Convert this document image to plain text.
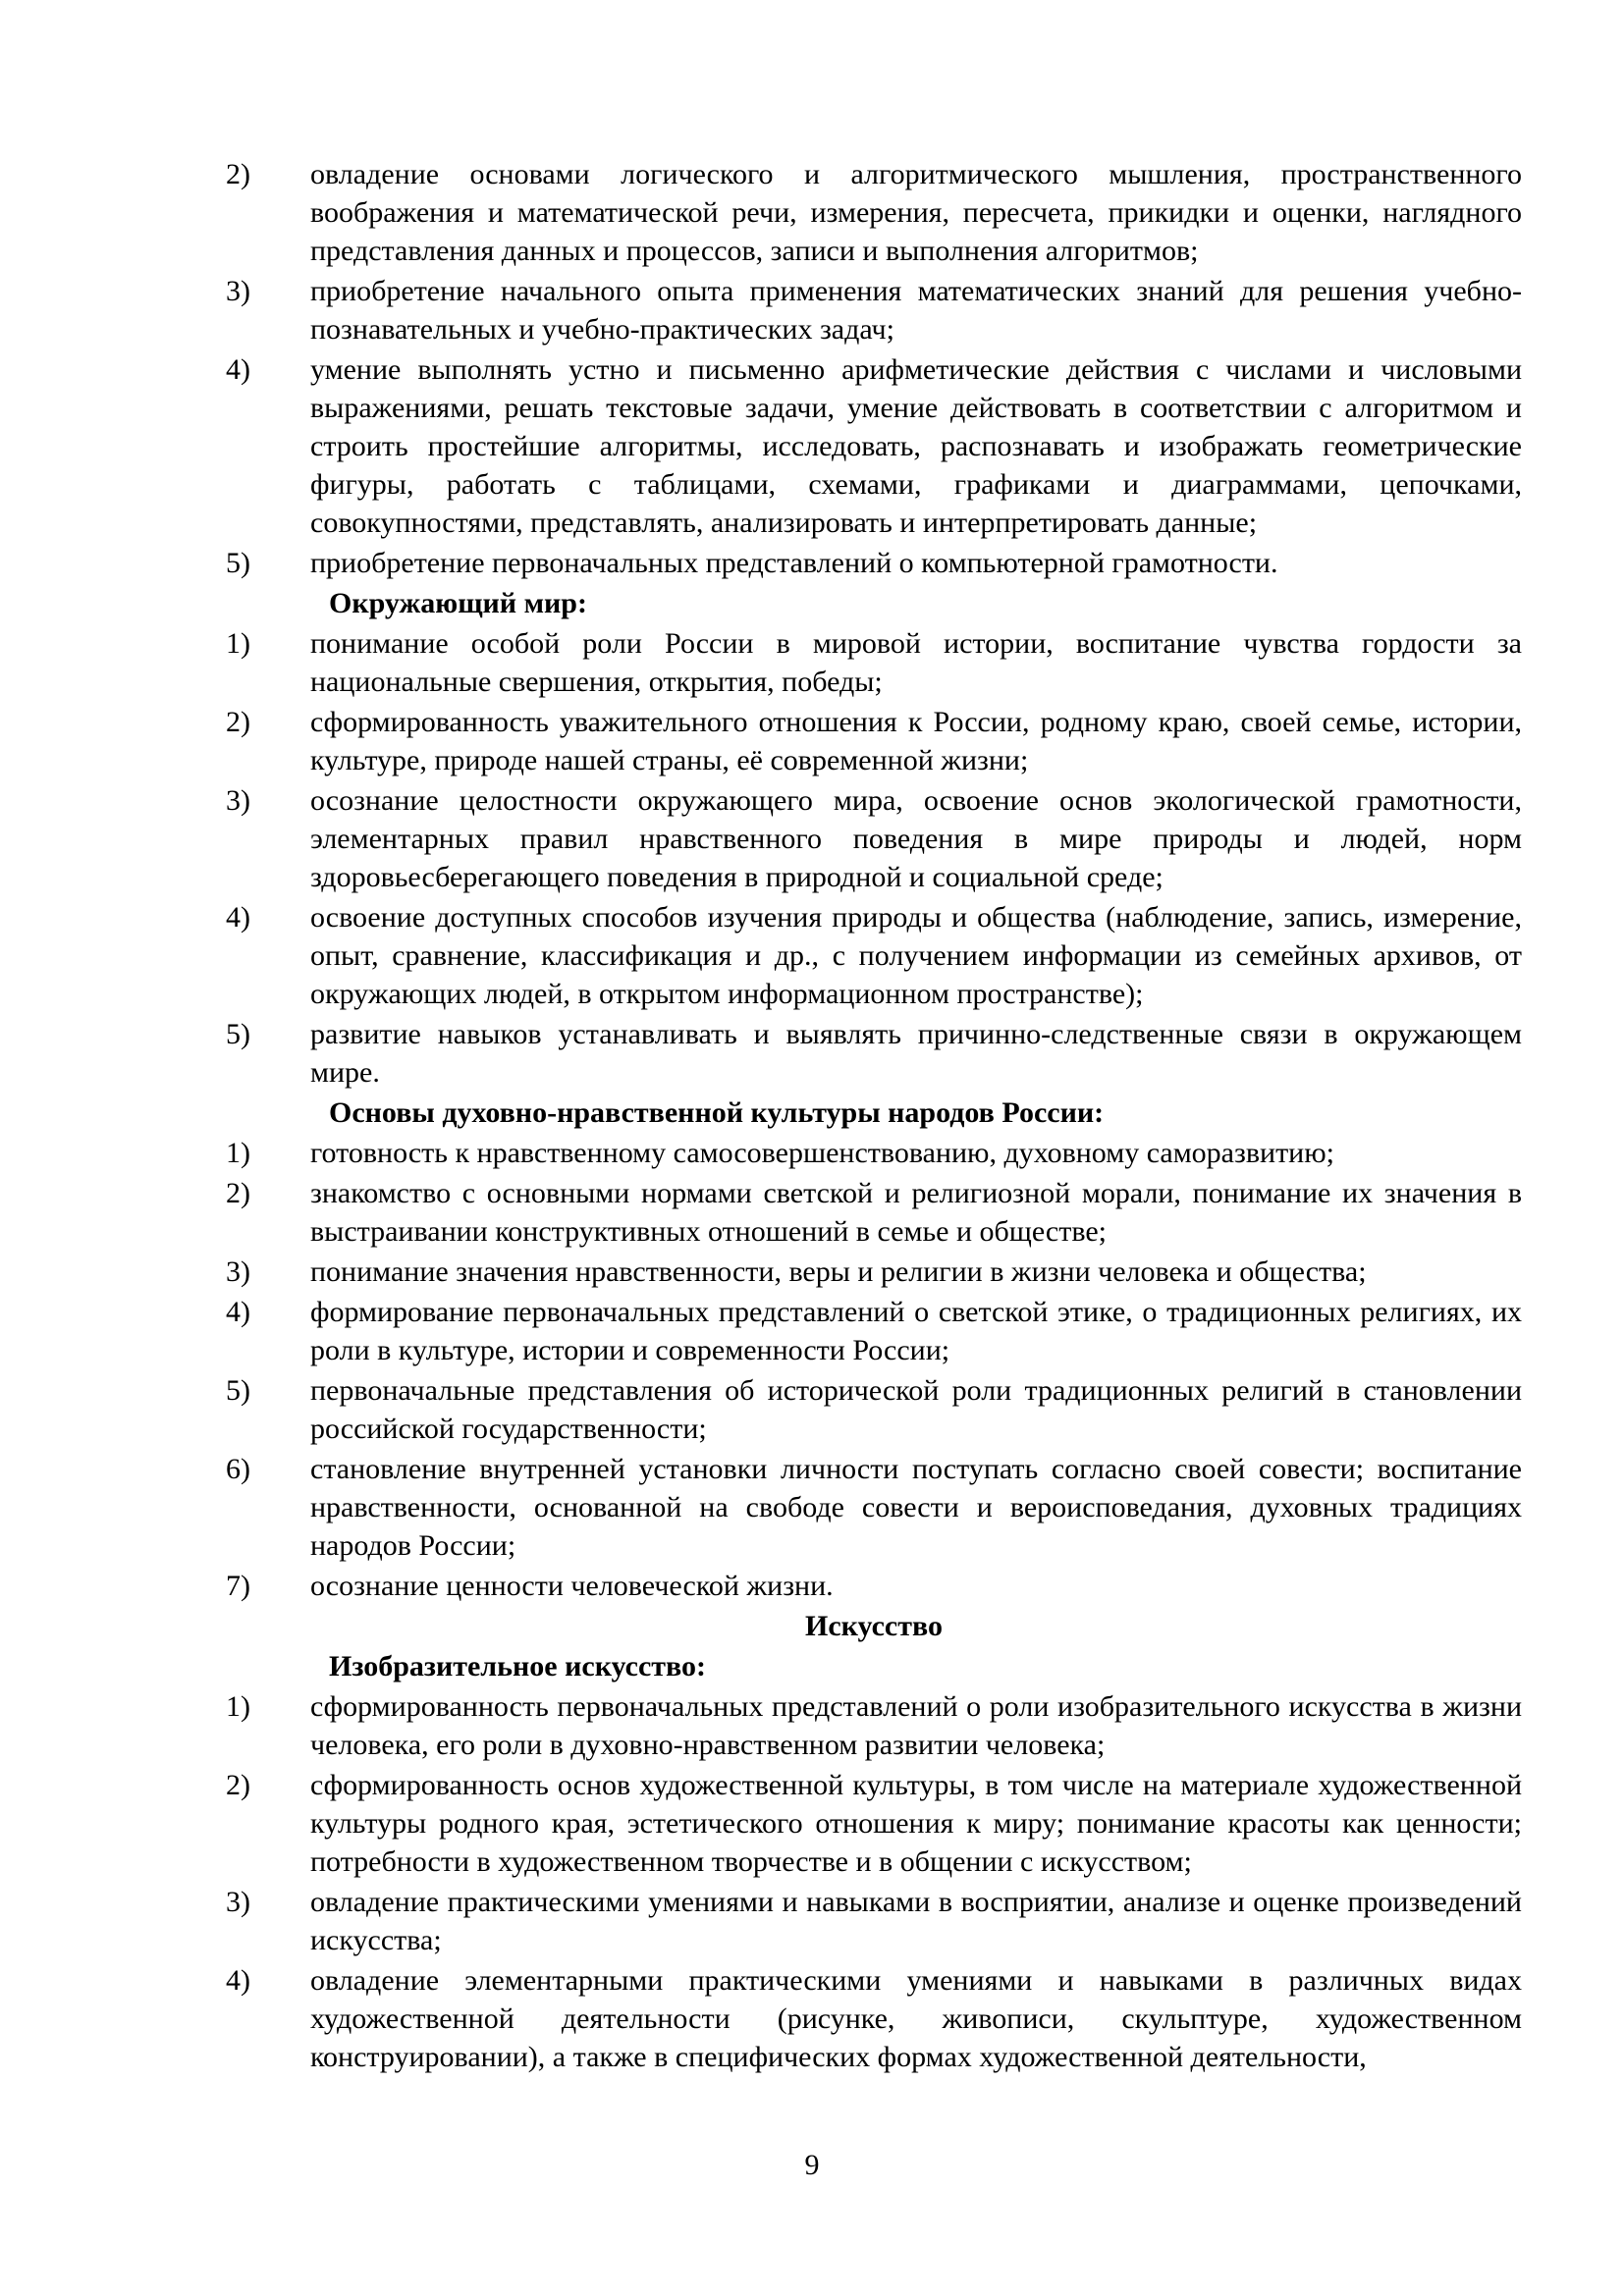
2) овладение основами логического и алгоритмического мышления, пространственного воображения и математической речи, измерения, пересчета, прикидки и оценки, наглядного представления данных и процессов, записи и выполнения алгоритмов;
3) приобретение начального опыта применения математических знаний для решения учебно-познавательных и учебно-практических задач;
4) умение выполнять устно и письменно арифметические действия с числами и числовыми выражениями, решать текстовые задачи, умение действовать в соответствии с алгоритмом и строить простейшие алгоритмы, исследовать, распознавать и изображать геометрические фигуры, работать с таблицами, схемами, графиками и диаграммами, цепочками, совокупностями, представлять, анализировать и интерпретировать данные;
5) приобретение первоначальных представлений о компьютерной грамотности.
Окружающий мир:
1) понимание особой роли России в мировой истории, воспитание чувства гордости за национальные свершения, открытия, победы;
2) сформированность уважительного отношения к России, родному краю, своей семье, истории, культуре, природе нашей страны, её современной жизни;
3) осознание целостности окружающего мира, освоение основ экологической грамотности, элементарных правил нравственного поведения в мире природы и людей, норм здоровьесберегающего поведения в природной и социальной среде;
4) освоение доступных способов изучения природы и общества (наблюдение, запись, измерение, опыт, сравнение, классификация и др., с получением информации из семейных архивов, от окружающих людей, в открытом информационном пространстве);
5) развитие навыков устанавливать и выявлять причинно-следственные связи в окружающем мире.
Основы духовно-нравственной культуры народов России:
1) готовность к нравственному самосовершенствованию, духовному саморазвитию;
2) знакомство с основными нормами светской и религиозной морали, понимание их значения в выстраивании конструктивных отношений в семье и обществе;
3) понимание значения нравственности, веры и религии в жизни человека и общества;
4) формирование первоначальных представлений о светской этике, о традиционных религиях, их роли в культуре, истории и современности России;
5) первоначальные представления об исторической роли традиционных религий в становлении российской государственности;
6) становление внутренней установки личности поступать согласно своей совести; воспитание нравственности, основанной на свободе совести и вероисповедания, духовных традициях народов России;
7) осознание ценности человеческой жизни.
Искусство
Изобразительное искусство:
1) сформированность первоначальных представлений о роли изобразительного искусства в жизни человека, его роли в духовно-нравственном развитии человека;
2) сформированность основ художественной культуры, в том числе на материале художественной культуры родного края, эстетического отношения к миру; понимание красоты как ценности; потребности в художественном творчестве и в общении с искусством;
3) овладение практическими умениями и навыками в восприятии, анализе и оценке произведений искусства;
4) овладение элементарными практическими умениями и навыками в различных видах художественной деятельности (рисунке, живописи, скульптуре, художественном конструировании), а также в специфических формах художественной деятельности,
9
